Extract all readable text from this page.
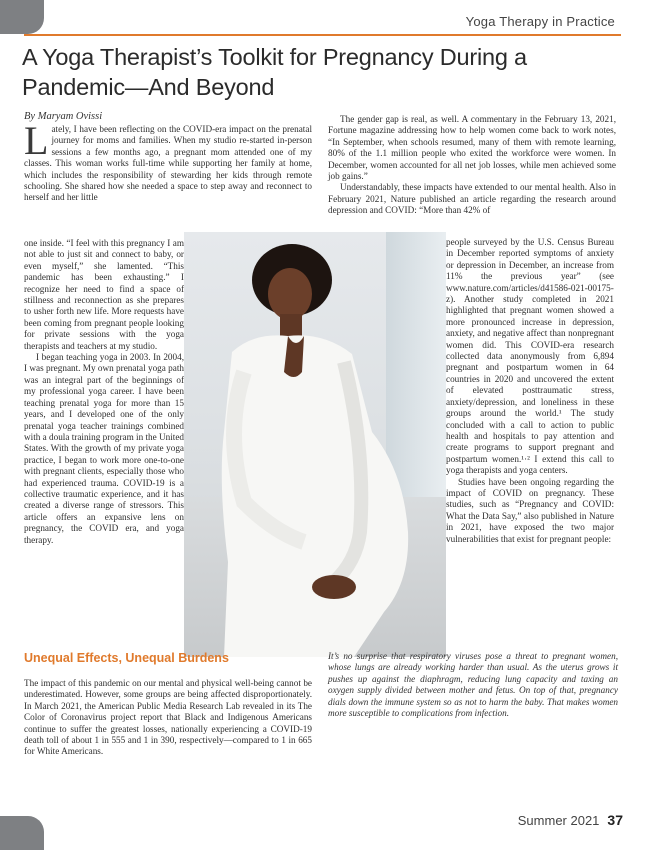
Yoga Therapy in Practice
A Yoga Therapist’s Toolkit for Pregnancy During a Pandemic—And Beyond
By Maryam Ovissi

Lately, I have been reflecting on the COVID-era impact on the prenatal journey for moms and families. When my studio re-started in-person sessions a few months ago, a pregnant mom attended one of my classes. This woman works full-time while supporting her family at home, which includes the responsibility of stewarding her kids through remote schooling. She shared how she needed a space to step away and reconnect to herself and her little

one inside. “I feel with this pregnancy I am not able to just sit and connect to baby, or even myself,” she lamented. “This pandemic has been exhausting.” I recognize her need to find a space of stillness and reconnection as she prepares to usher forth new life. More requests have been coming from pregnant people looking for private sessions with the yoga therapists and teachers at my studio.

I began teaching yoga in 2003. In 2004, I was pregnant. My own prenatal yoga path was an integral part of the beginnings of my professional yoga career. I have been teaching prenatal yoga for more than 15 years, and I developed one of the only prenatal yoga teacher trainings combined with a doula training program in the United States. With the growth of my private yoga practice, I began to work more one-to-one with pregnant clients, especially those who had experienced trauma. COVID-19 is a collective traumatic experience, and it has created a diverse range of stressors. This article offers an expansive lens on pregnancy, the COVID era, and yoga therapy.

The gender gap is real, as well. A commentary in the February 13, 2021, Fortune magazine addressing how to help women come back to work notes, “In September, when schools resumed, many of them with remote learning, 80% of the 1.1 million people who exited the workforce were women. In December, women accounted for all net job losses, while men achieved some job gains.”

Understandably, these impacts have extended to our mental health. Also in February 2021, Nature published an article regarding the research around depression and COVID: “More than 42% of

people surveyed by the U.S. Census Bureau in December reported symptoms of anxiety or depression in December, an increase from 11% the previous year” (see www.nature.com/articles/d41586-021-00175-z). Another study completed in 2021 highlighted that pregnant women showed a more pronounced increase in depression, anxiety, and negative affect than nonpregnant women did. This COVID-era research collected data anonymously from 6,894 pregnant and postpartum women in 64 countries in 2020 and uncovered the extent of elevated posttraumatic stress, anxiety/depression, and loneliness in these groups around the world.¹ The study concluded with a call to action to public health and hospitals to pay attention and create programs to support pregnant and postpartum women.¹·² I extend this call to yoga therapists and yoga centers.

Studies have been ongoing regarding the impact of COVID on pregnancy. These studies, such as “Pregnancy and COVID: What the Data Say,” also published in Nature in 2021, have exposed the two major vulnerabilities that exist for pregnant people:

Unequal Effects, Unequal Burdens

The impact of this pandemic on our mental and physical well-being cannot be underestimated. However, some groups are being affected disproportionately. In March 2021, the American Public Media Research Lab revealed in its The Color of Coronavirus project report that Black and Indigenous Americans continue to suffer the greatest losses, nationally experiencing a COVID-19 death toll of about 1 in 555 and 1 in 390, respectively—compared to 1 in 665 for White Americans.

It’s no surprise that respiratory viruses pose a threat to pregnant women, whose lungs are already working harder than usual. As the uterus grows it pushes up against the diaphragm, reducing lung capacity and taxing an oxygen supply divided between mother and fetus. On top of that, pregnancy dials down the immune system so as not to harm the baby. That makes women more susceptible to complications from infection.
Summer 2021 37
